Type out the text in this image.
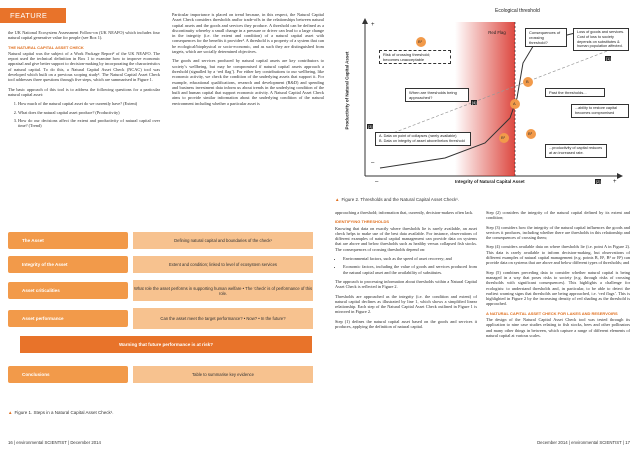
FEATURE

the UK National Ecosystem Assessment Follow-on (UK NEAFO) which includes four natural capital generative value for people (see Box 1).

THE NATURAL CAPITAL ASSET CHECK

Natural capital was the subject of a Work Package Report² of the UK NEAFO. The report used the technical definition in Box 1 to examine how to improve economic appraisal and give better support to decision-making by incorporating the characteristics of natural capital. To do this, a Natural Capital Asset Check (NCAC) tool was developed which built on a previous scoping study³. The Natural Capital Asset Check tool addresses three questions through five steps, which are summarised in Figure 1.

The basic approach of this tool is to address the following questions for a particular natural capital asset:

1. How much of the natural capital asset do we currently have? (Extent)
2. What does the natural capital asset produce? (Productivity)
3. How do our decisions affect the extent and productivity of natural capital over time? (Trend)

Particular importance is placed on trend because, in this respect, the Natural Capital Asset Check considers thresholds and/or trade-offs in the relationships between natural capital assets and the goods and services they produce. A threshold can be defined as a discontinuity whereby a small change in a pressure or driver can lead to a large change in the integrity (i.e. the extent and condition) of a natural capital asset with consequences for the benefits it provides⁴. A threshold is a property of a system that can be ecological/biophysical or socio-economic, and as such they are distinguished from targets, which are socially determined objectives.

The goods and services produced by natural capital assets are key contributors to society’s wellbeing, but may be compromised if natural capital assets approach a threshold (signalled by a ‘red flag’). For either key contributions to our wellbeing, like economic activity, we check the condition of the underlying assets that support it. For example, educational qualifications, research and development (R&D) and spending and business investment data inform us about trends in the underlying condition of the built and human capital that support economic activity. A Natural Capital Asset Check aims to provide similar information about the underlying condition of the natural environment including whether a particular asset is

The Asset	Defining natural capital and boundaries of the check¹
Integrity of the Asset	Extent and condition; linked to level of ecosystem services
Asset criticalities	What role the asset performs in supporting human welfare • The ‘check’ is of performance of this role.
Asset performance	Can the asset meet the target performance? • Now? • In the future?
Warning that future performance is at risk?
Conclusions	Table to summarise key evidence
▲ Figure 1. Steps in a Natural Capital Asset Check¹.
Ecological threshold
Productivity of Natural Capital Asset
+
–
–	+
Integrity of Natural Capital Asset
Red Flag
Risk of crossing threshold; becomes unacceptable
Consequences of crossing threshold?
Loss of goods and services. Cost of loss to society depends on substitutes & human population affected.
When are thresholds being approached?
Past the thresholds...
...ability to restore capital becomes compromised
...productivity of capital reduces at an increased rate.
A. Data on point of collapses (rarely available)
B. Data on integrity of asset above/below threshold
B¹
A
B
B²
B³
[3]
[4]
[1]
[2]
▲ Figure 2. Thresholds and the Natural Capital Asset Check¹.

approaching a threshold; information that, currently, decision-makers often lack.

IDENTIFYING THRESHOLDS

Knowing that data on exactly where thresholds lie is rarely available, an asset check helps to make use of the best data available. For instance, observations of different examples of natural capital management can provide data on systems that are above and below thresholds such as healthy versus collapsed fish stocks. The consequences of crossing thresholds depend on:

• Environmental factors, such as the speed of asset recovery; and
• Economic factors, including the value of goods and services produced from the natural capital asset and the availability of substitutes.

The approach to processing information about thresholds within a Natural Capital Asset Check is reflected in Figure 2.

Thresholds are approached as the integrity (i.e. the condition and extent) of natural capital declines as illustrated by line 1, which shows a simplified linear relationship. Each step of the Natural Capital Asset Check outlined in Figure 1 is mirrored in Figure 2.

Step (1) defines the natural capital asset based on the goods and services it produces, applying the definition of natural capital.

Step (2) considers the integrity of the natural capital defined by its extent and condition;

Step (3) considers how the integrity of the natural capital influences the goods and services it produces, including whether there are thresholds in this relationship and the consequences of crossing them;

Step (4) considers available data on where thresholds lie (i.e. point A in Figure 2). This data is rarely available to inform decision-making, but observations of different examples of natural capital management (e.g. points B, B¹, B² or B³) can provide data on systems that are above and below different types of thresholds; and

Step (5) combines preceding data to consider whether natural capital is being managed in a way that poses risks to society (e.g. through risks of crossing thresholds with significant consequences). This highlights a challenge for ecologists: to understand thresholds and, in particular, to be able to detect the earliest warning signs that thresholds are being approached, i.e. ‘red flags’. This is highlighted in Figure 2 by the increasing density of red shading as the threshold is approached.

A NATURAL CAPITAL ASSET CHECK FOR LAKES AND RESERVOIRS

The design of the Natural Capital Asset Check tool was tested through its application to nine case studies relating to fish stocks, bees and other pollinators and many other things in between, which capture a range of different elements of natural capital at various scales.

16 | environmental SCIENTIST | December 2014	December 2014 | environmental SCIENTIST | 17
